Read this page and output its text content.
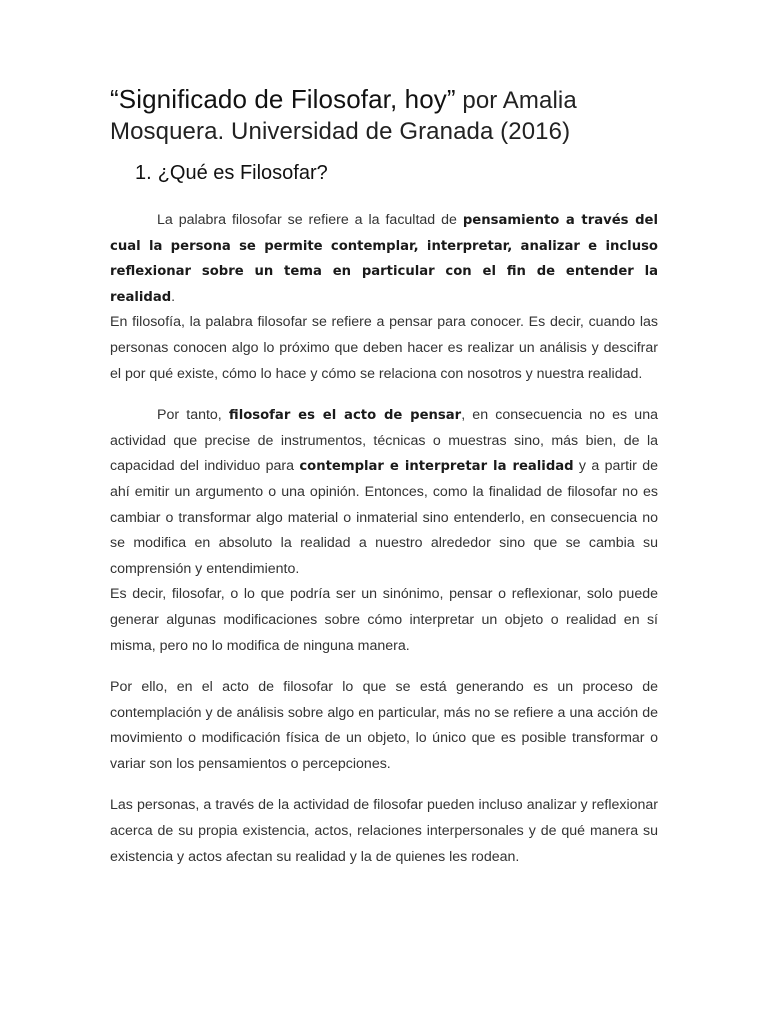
“Significado de Filosofar, hoy” por Amalia Mosquera. Universidad de Granada (2016)
1. ¿Qué es Filosofar?

La palabra filosofar se refiere a la facultad de pensamiento a través del cual la persona se permite contemplar, interpretar, analizar e incluso reflexionar sobre un tema en particular con el fin de entender la realidad.
En filosofía, la palabra filosofar se refiere a pensar para conocer. Es decir, cuando las personas conocen algo lo próximo que deben hacer es realizar un análisis y descifrar el por qué existe, cómo lo hace y cómo se relaciona con nosotros y nuestra realidad.

Por tanto, filosofar es el acto de pensar, en consecuencia no es una actividad que precise de instrumentos, técnicas o muestras sino, más bien, de la capacidad del individuo para contemplar e interpretar la realidad y a partir de ahí emitir un argumento o una opinión. Entonces, como la finalidad de filosofar no es cambiar o transformar algo material o inmaterial sino entenderlo, en consecuencia no se modifica en absoluto la realidad a nuestro alrededor sino que se cambia su comprensión y entendimiento.
Es decir, filosofar, o lo que podría ser un sinónimo, pensar o reflexionar, solo puede generar algunas modificaciones sobre cómo interpretar un objeto o realidad en sí misma, pero no lo modifica de ninguna manera.

Por ello, en el acto de filosofar lo que se está generando es un proceso de contemplación y de análisis sobre algo en particular, más no se refiere a una acción de movimiento o modificación física de un objeto, lo único que es posible transformar o variar son los pensamientos o percepciones.

Las personas, a través de la actividad de filosofar pueden incluso analizar y reflexionar acerca de su propia existencia, actos, relaciones interpersonales y de qué manera su existencia y actos afectan su realidad y la de quienes les rodean.
